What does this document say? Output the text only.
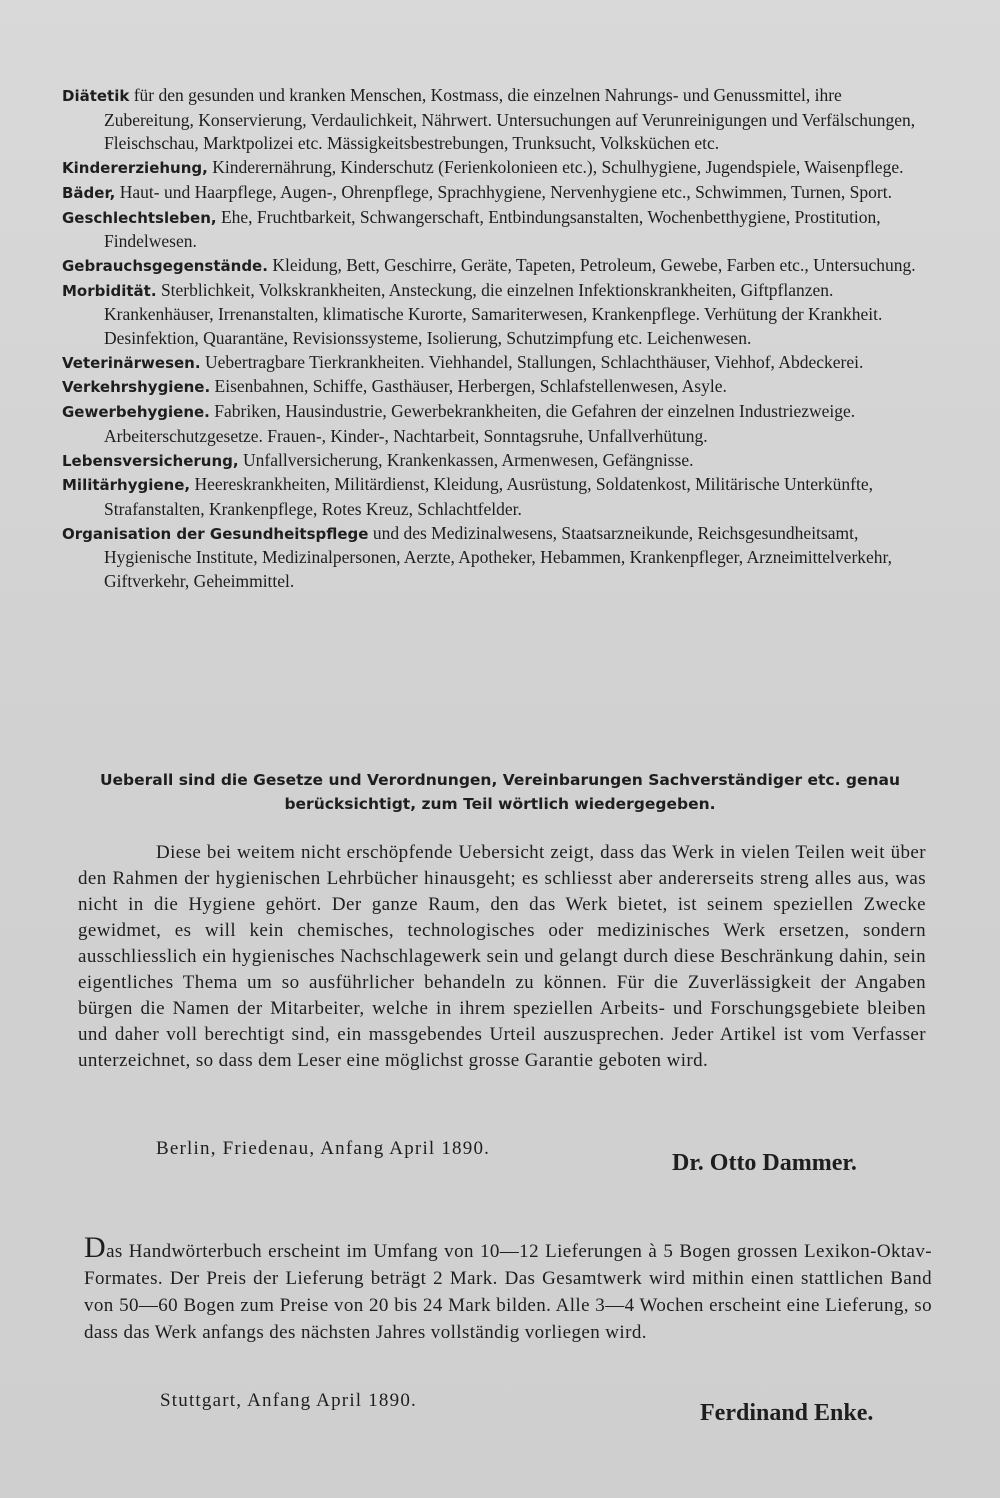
Diätetik für den gesunden und kranken Menschen, Kostmass, die einzelnen Nahrungs- und Genussmittel, ihre Zubereitung, Konservierung, Verdaulichkeit, Nährwert. Untersuchungen auf Verunreinigungen und Verfälschungen, Fleischschau, Marktpolizei etc. Mässigkeitsbestrebungen, Trunksucht, Volksküchen etc.

Kindererziehung, Kinderernährung, Kinderschutz (Ferienkolonieen etc.), Schulhygiene, Jugendspiele, Waisenpflege.

Bäder, Haut- und Haarpflege, Augen-, Ohrenpflege, Sprachhygiene, Nervenhygiene etc., Schwimmen, Turnen, Sport.

Geschlechtsleben, Ehe, Fruchtbarkeit, Schwangerschaft, Entbindungsanstalten, Wochenbetthygiene, Prostitution, Findelwesen.

Gebrauchsgegenstände. Kleidung, Bett, Geschirre, Geräte, Tapeten, Petroleum, Gewebe, Farben etc., Untersuchung.

Morbidität. Sterblichkeit, Volkskrankheiten, Ansteckung, die einzelnen Infektionskrankheiten, Giftpflanzen. Krankenhäuser, Irrenanstalten, klimatische Kurorte, Samariterwesen, Krankenpflege. Verhütung der Krankheit. Desinfektion, Quarantäne, Revisionssysteme, Isolierung, Schutzimpfung etc. Leichenwesen.

Veterinärwesen. Uebertragbare Tierkrankheiten. Viehhandel, Stallungen, Schlachthäuser, Viehhof, Abdeckerei.

Verkehrshygiene. Eisenbahnen, Schiffe, Gasthäuser, Herbergen, Schlafstellenwesen, Asyle.

Gewerbehygiene. Fabriken, Hausindustrie, Gewerbekrankheiten, die Gefahren der einzelnen Industriezweige. Arbeiterschutzgesetze. Frauen-, Kinder-, Nachtarbeit, Sonntagsruhe, Unfallverhütung.

Lebensversicherung, Unfallversicherung, Krankenkassen, Armenwesen, Gefängnisse.

Militärhygiene, Heereskrankheiten, Militärdienst, Kleidung, Ausrüstung, Soldatenkost, Militärische Unterkünfte, Strafanstalten, Krankenpflege, Rotes Kreuz, Schlachtfelder.

Organisation der Gesundheitspflege und des Medizinalwesens, Staatsarzneikunde, Reichsgesundheitsamt, Hygienische Institute, Medizinalpersonen, Aerzte, Apotheker, Hebammen, Krankenpfleger, Arzneimittelverkehr, Giftverkehr, Geheimmittel.

Ueberall sind die Gesetze und Verordnungen, Vereinbarungen Sachverständiger etc. genau
berücksichtigt, zum Teil wörtlich wiedergegeben.

Diese bei weitem nicht erschöpfende Uebersicht zeigt, dass das Werk in vielen Teilen weit über den Rahmen der hygienischen Lehrbücher hinausgeht; es schliesst aber andererseits streng alles aus, was nicht in die Hygiene gehört. Der ganze Raum, den das Werk bietet, ist seinem speziellen Zwecke gewidmet, es will kein chemisches, technologisches oder medizinisches Werk ersetzen, sondern ausschliesslich ein hygienisches Nachschlagewerk sein und gelangt durch diese Beschränkung dahin, sein eigentliches Thema um so ausführlicher behandeln zu können. Für die Zuverlässigkeit der Angaben bürgen die Namen der Mitarbeiter, welche in ihrem speziellen Arbeits- und Forschungsgebiete bleiben und daher voll berechtigt sind, ein massgebendes Urteil auszusprechen. Jeder Artikel ist vom Verfasser unterzeichnet, so dass dem Leser eine möglichst grosse Garantie geboten wird.

Berlin, Friedenau, Anfang April 1890.
Dr. Otto Dammer.

Das Handwörterbuch erscheint im Umfang von 10—12 Lieferungen à 5 Bogen grossen Lexikon-Oktav-Formates. Der Preis der Lieferung beträgt 2 Mark. Das Gesamtwerk wird mithin einen stattlichen Band von 50—60 Bogen zum Preise von 20 bis 24 Mark bilden. Alle 3—4 Wochen erscheint eine Lieferung, so dass das Werk anfangs des nächsten Jahres vollständig vorliegen wird.

Stuttgart, Anfang April 1890.	Ferdinand Enke.
